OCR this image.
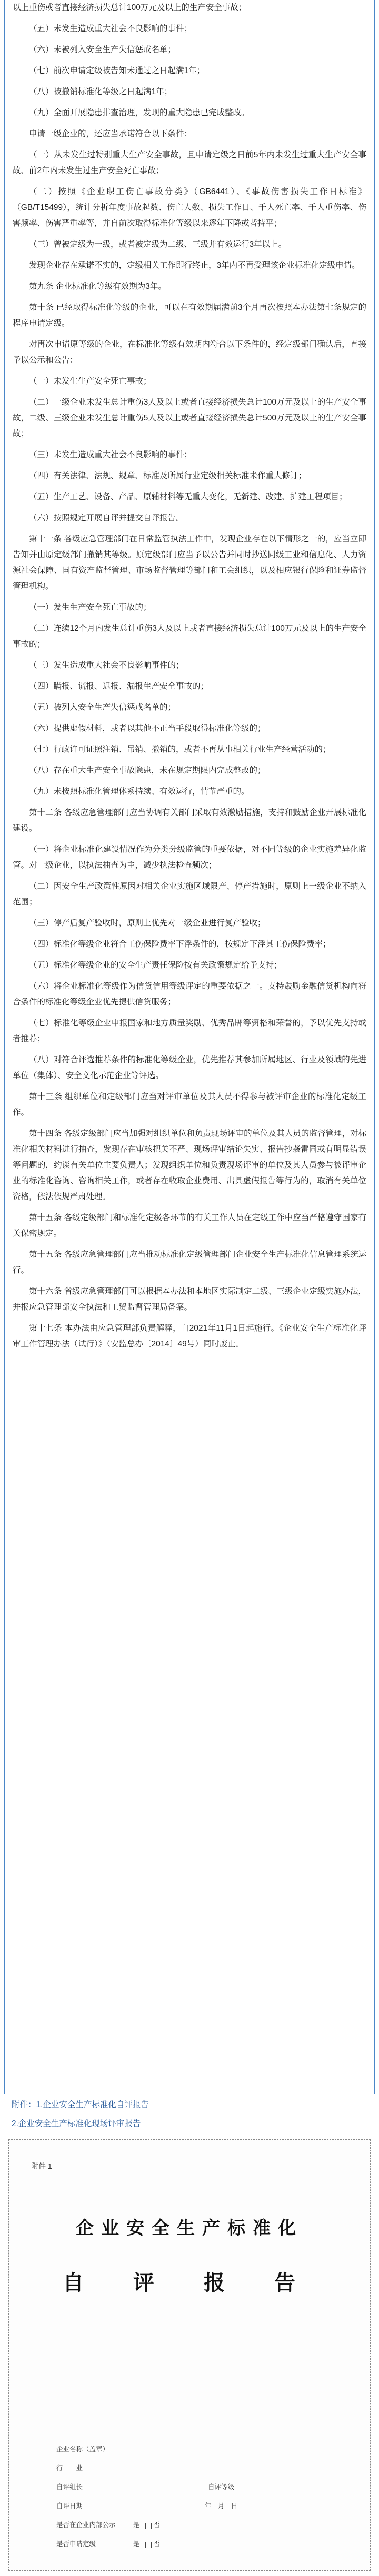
以上重伤或者直接经济损失总计100万元及以上的生产安全事故；

（五）未发生造成重大社会不良影响的事件；

（六）未被列入安全生产失信惩戒名单；

（七）前次申请定级被告知未通过之日起满1年；

（八）被撤销标准化等级之日起满1年；

（九）全面开展隐患排查治理，发现的重大隐患已完成整改。

申请一级企业的，还应当承诺符合以下条件：

（一）从未发生过特别重大生产安全事故，且申请定级之日前5年内未发生过重大生产安全事故、前2年内未发生过生产安全死亡事故；

（二）按照《企业职工伤亡事故分类》（GB6441）、《事故伤害损失工作日标准》（GB/T15499），统计分析年度事故起数、伤亡人数、损失工作日、千人死亡率、千人重伤率、伤害频率、伤害严重率等，并自前次取得标准化等级以来逐年下降或者持平；

（三）曾被定级为一级，或者被定级为二级、三级并有效运行3年以上。

发现企业存在承诺不实的，定级相关工作即行终止，3年内不再受理该企业标准化定级申请。

第九条 企业标准化等级有效期为3年。

第十条 已经取得标准化等级的企业，可以在有效期届满前3个月再次按照本办法第七条规定的程序申请定级。

对再次申请原等级的企业，在标准化等级有效期内符合以下条件的，经定级部门确认后，直接予以公示和公告：

（一）未发生生产安全死亡事故；

（二）一级企业未发生总计重伤3人及以上或者直接经济损失总计100万元及以上的生产安全事故，二级、三级企业未发生总计重伤5人及以上或者直接经济损失总计500万元及以上的生产安全事故；

（三）未发生造成重大社会不良影响的事件；

（四）有关法律、法规、规章、标准及所属行业定级相关标准未作重大修订；

（五）生产工艺、设备、产品、原辅材料等无重大变化，无新建、改建、扩建工程项目；

（六）按照规定开展自评并提交自评报告。

第十一条 各级应急管理部门在日常监管执法工作中，发现企业存在以下情形之一的，应当立即告知并由原定级部门撤销其等级。原定级部门应当予以公告并同时抄送同级工业和信息化、人力资源社会保障、国有资产监督管理、市场监督管理等部门和工会组织，以及相应银行保险和证券监督管理机构。

（一）发生生产安全死亡事故的；

（二）连续12个月内发生总计重伤3人及以上或者直接经济损失总计100万元及以上的生产安全事故的；

（三）发生造成重大社会不良影响事件的；

（四）瞒报、谎报、迟报、漏报生产安全事故的；

（五）被列入安全生产失信惩戒名单的；

（六）提供虚假材料，或者以其他不正当手段取得标准化等级的；

（七）行政许可证照注销、吊销、撤销的，或者不再从事相关行业生产经营活动的；

（八）存在重大生产安全事故隐患，未在规定期限内完成整改的；

（九）未按照标准化管理体系持续、有效运行，情节严重的。

第十二条 各级应急管理部门应当协调有关部门采取有效激励措施，支持和鼓励企业开展标准化建设。

（一）将企业标准化建设情况作为分类分级监管的重要依据，对不同等级的企业实施差异化监管。对一级企业，以执法抽查为主，减少执法检查频次；

（二）因安全生产政策性原因对相关企业实施区域限产、停产措施时，原则上一级企业不纳入范围；

（三）停产后复产验收时，原则上优先对一级企业进行复产验收；

（四）标准化等级企业符合工伤保险费率下浮条件的，按规定下浮其工伤保险费率；

（五）标准化等级企业的安全生产责任保险按有关政策规定给予支持；

（六）将企业标准化等级作为信贷信用等级评定的重要依据之一。支持鼓励金融信贷机构向符合条件的标准化等级企业优先提供信贷服务；

（七）标准化等级企业申报国家和地方质量奖励、优秀品牌等资格和荣誉的，予以优先支持或者推荐；

（八）对符合评选推荐条件的标准化等级企业，优先推荐其参加所属地区、行业及领域的先进单位（集体）、安全文化示范企业等评选。

第十三条 组织单位和定级部门应当对评审单位及其人员不得参与被评审企业的标准化定级工作。

第十四条 各级定级部门应当加强对组织单位和负责现场评审的单位及其人员的监督管理，对标准化相关材料进行抽查，发现存在审核把关不严、现场评审结论失实、报告抄袭雷同或有明显错误等问题的，约谈有关单位主要负责人；发现组织单位和负责现场评审的单位及其人员参与被评审企业的标准化咨询、咨询相关工作，或者存在收取企业费用、出具虚假报告等行为的，取消有关单位资格，依法依规严肃处理。

第十五条 各级定级部门和标准化定级各环节的有关工作人员在定级工作中应当严格遵守国家有关保密规定。

第十五条 各级应急管理部门应当推动标准化定级管理部门企业安全生产标准化信息管理系统运行。

第十六条 省级应急管理部门可以根据本办法和本地区实际制定二级、三级企业定级实施办法，并报应急管理部安全执法和工贸监督管理局备案。

第十七条 本办法由应急管理部负责解释，自2021年11月1日起施行。《企业安全生产标准化评审工作管理办法（试行）》（安监总办〔2014〕49号）同时废止。

附件：1.企业安全生产标准化自评报告
2.企业安全生产标准化现场评审报告
附件 1
企业安全生产标准化
自 评 报 告
企业名称（盖章）
行　　业
自评组长	自评等级
自评日期	年　月　日
是否在企业内部公示	是 否
是否申请定级	是 否
